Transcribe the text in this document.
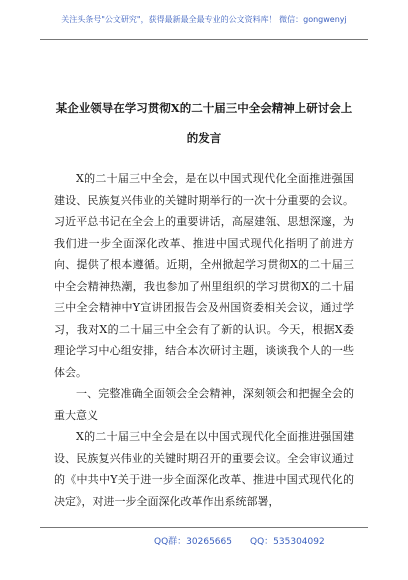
关注头条号"公文研究"，获得最新最全最专业的公文资料库！ 微信：gongwenyj
某企业领导在学习贯彻X的二十届三中全会精神上研讨会上
的发言

X的二十届三中全会，是在以中国式现代化全面推进强国建设、民族复兴伟业的关键时期举行的一次十分重要的会议。习近平总书记在全会上的重要讲话，高屋建瓴、思想深邃，为我们进一步全面深化改革、推进中国式现代化指明了前进方向、提供了根本遵循。近期，全州掀起学习贯彻X的二十届三中全会精神热潮，我也参加了州里组织的学习贯彻X的二十届三中全会精神中Y宣讲团报告会及州国资委相关会议，通过学习，我对X的二十届三中全会有了新的认识。今天，根据X委理论学习中心组安排，结合本次研讨主题，谈谈我个人的一些体会。

一、完整准确全面领会全会精神，深刻领会和把握全会的重大意义

X的二十届三中全会是在以中国式现代化全面推进强国建设、民族复兴伟业的关键时期召开的重要会议。全会审议通过的《中共中Y关于进一步全面深化改革、推进中国式现代化的决定》，对进一步全面深化改革作出系统部署，

QQ群：30265665 QQ：535304092
